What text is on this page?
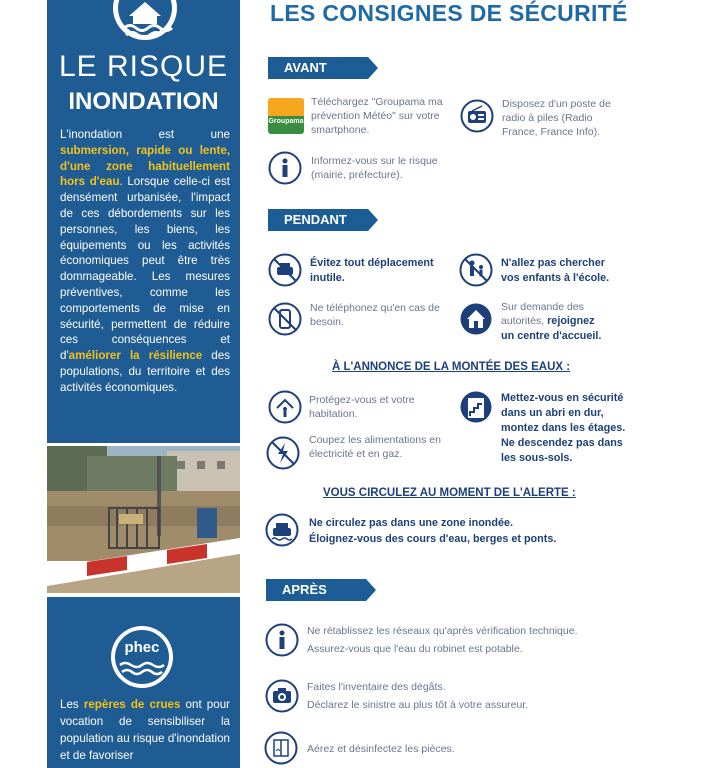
LE RISQUE
INONDATION
L'inondation est une submersion, rapide ou lente, d'une zone habituellement hors d'eau. Lorsque celle-ci est densément urbanisée, l'impact de ces débordements sur les personnes, les biens, les équipements ou les activités économiques peut être très dommageable. Les mesures préventives, comme les comportements de mise en sécurité, permettent de réduire ces conséquences et d'améliorer la résilience des populations, du territoire et des activités économiques.
phec
Les repères de crues ont pour vocation de sensibiliser la population au risque d'inondation et de favoriser
LES CONSIGNES DE SÉCURITÉ
AVANT
Groupama
Téléchargez "Groupama ma prévention Météo" sur votre smartphone.
Disposez d'un poste de radio à piles (Radio France, France Info).
Informez-vous sur le risque (mairie, préfecture).
PENDANT
Évitez tout déplacement inutile.
N'allez pas chercher vos enfants à l'école.
Ne téléphonez qu'en cas de besoin.
Sur demande des autorités, rejoignez un centre d'accueil.
À L'ANNONCE DE LA MONTÉE DES EAUX :
Protégez-vous et votre habitation.
Mettez-vous en sécurité dans un abri en dur, montez dans les étages. Ne descendez pas dans les sous-sols.
Coupez les alimentations en électricité et en gaz.
VOUS CIRCULEZ AU MOMENT DE L'ALERTE :
Ne circulez pas dans une zone inondée.
Éloignez-vous des cours d'eau, berges et ponts.
APRÈS
Ne rétablissez les réseaux qu'après vérification technique.
Assurez-vous que l'eau du robinet est potable.
Faites l'inventaire des dégâts.
Déclarez le sinistre au plus tôt à votre assureur.
Aérez et désinfectez les pièces.
